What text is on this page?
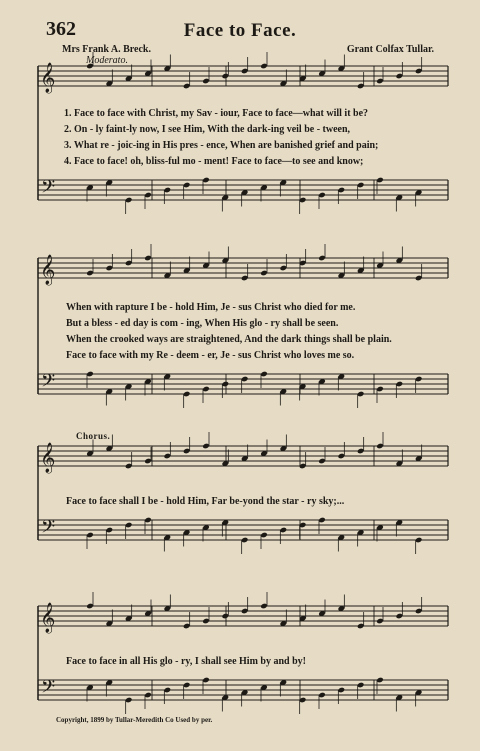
𝄞
𝄢
𝄞
𝄢
𝄞
𝄢
𝄞
𝄢
362	Face to Face.
Mrs Frank A. Breck.	Grant Colfax Tullar.
Moderato.
1. Face to face with Christ, my Sav - iour, Face to face—what will it be?
2. On - ly faint-ly now, I see Him, With the dark-ing veil be - tween,
3. What re - joic-ing in His pres - ence, When are banished grief and pain;
4. Face to face! oh, bliss-ful mo - ment! Face to face—to see and know;
When with rapture I be - hold Him, Je - sus Christ who died for me.
But a bless - ed day is com - ing, When His glo - ry shall be seen.
When the crooked ways are straightened, And the dark things shall be plain.
Face to face with my Re - deem - er, Je - sus Christ who loves me so.
Chorus.
Face to face shall I be - hold Him, Far be-yond the star - ry sky;...
Face to face in all His glo - ry, I shall see Him by and by!
Copyright, 1899 by Tullar-Meredith Co Used by per.
